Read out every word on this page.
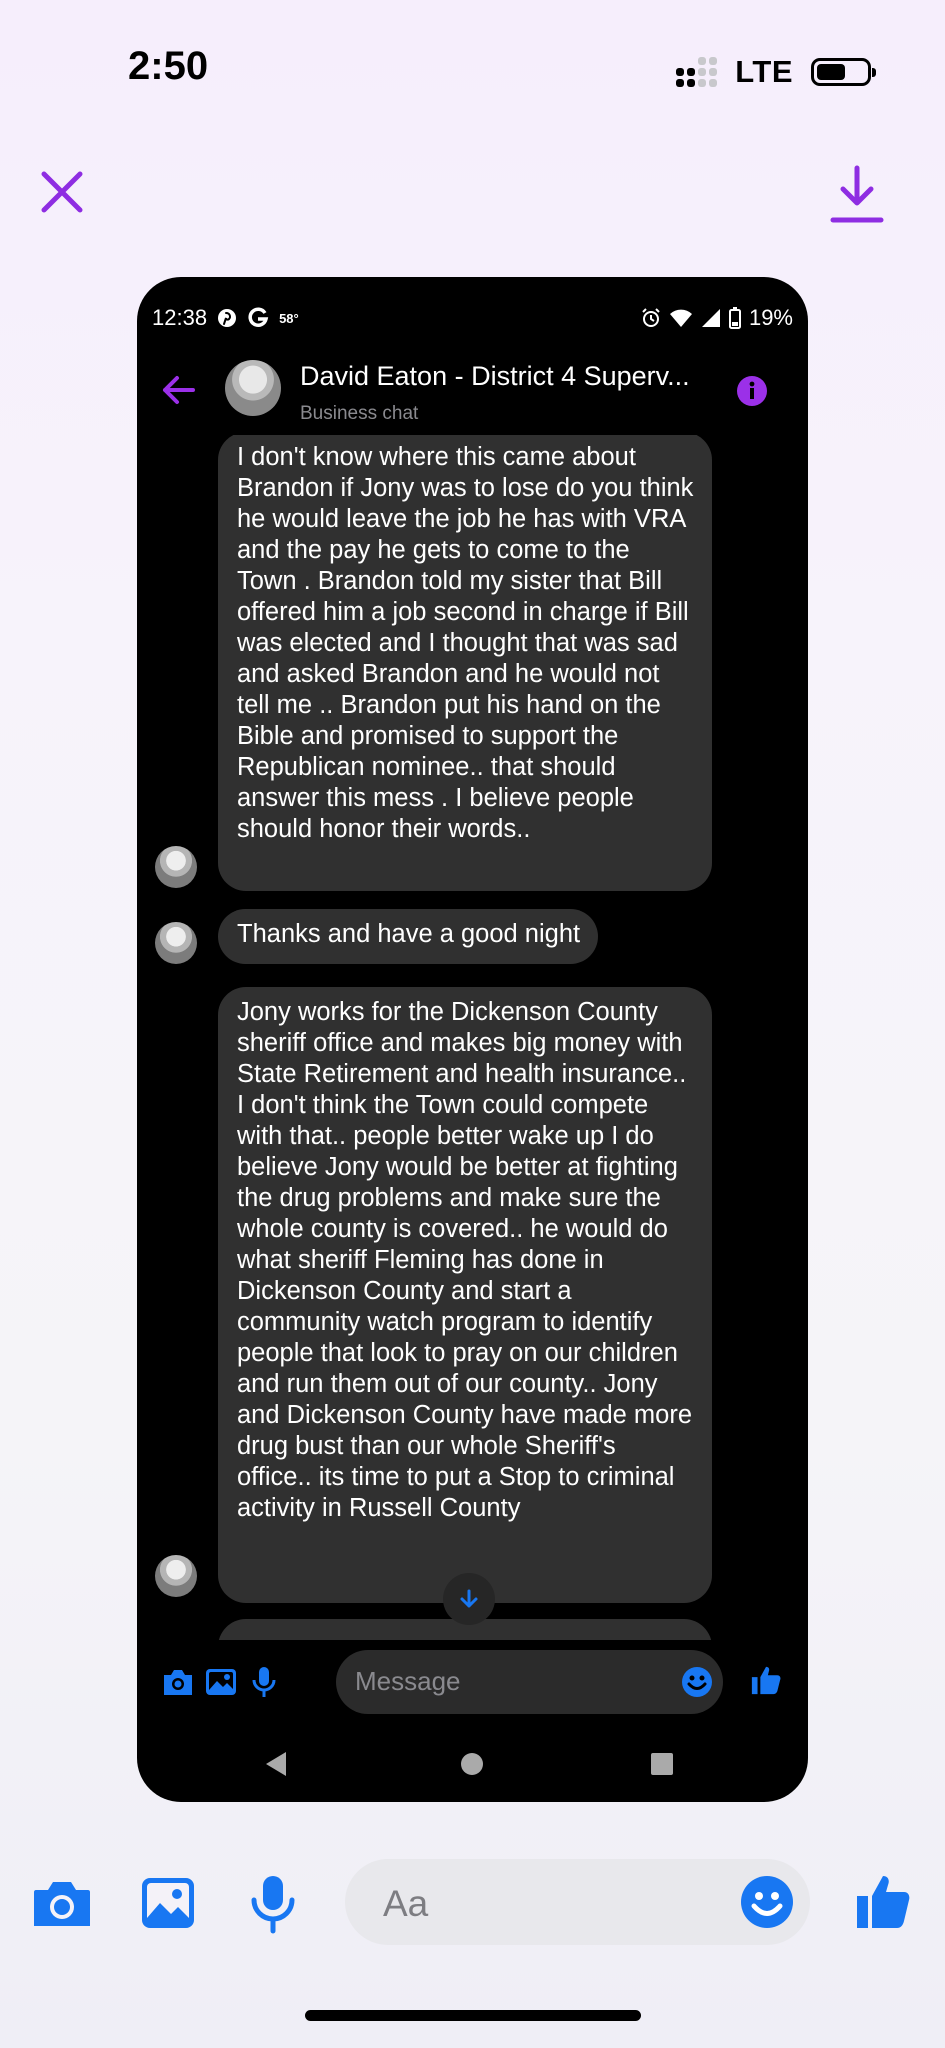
2:50	LTE
12:38	58°	19%
David Eaton - District 4 Superv...
Business chat
I don't know where this came about Brandon if Jony was to lose do you think he would leave the job he has with VRA and the pay he gets to come to the Town . Brandon told my sister that Bill offered him a job second in charge if Bill was elected and I thought that was sad and asked Brandon and he would not tell me .. Brandon put his hand on the Bible and promised to support the Republican nominee.. that should answer this mess . I believe people should honor their words..
Thanks and have a good night
Jony works for the Dickenson County sheriff office and makes big money with State Retirement and health insurance.. I don't think the Town could compete with that.. people better wake up I do believe Jony would be better at fighting the drug problems and make sure the whole county is covered.. he would do what sheriff Fleming has done in Dickenson County and start a community watch program to identify people that look to pray on our children and run them out of our county.. Jony and Dickenson County have made more drug bust than our whole Sheriff's office.. its time to put a Stop to criminal activity in Russell County
Message
Aa
